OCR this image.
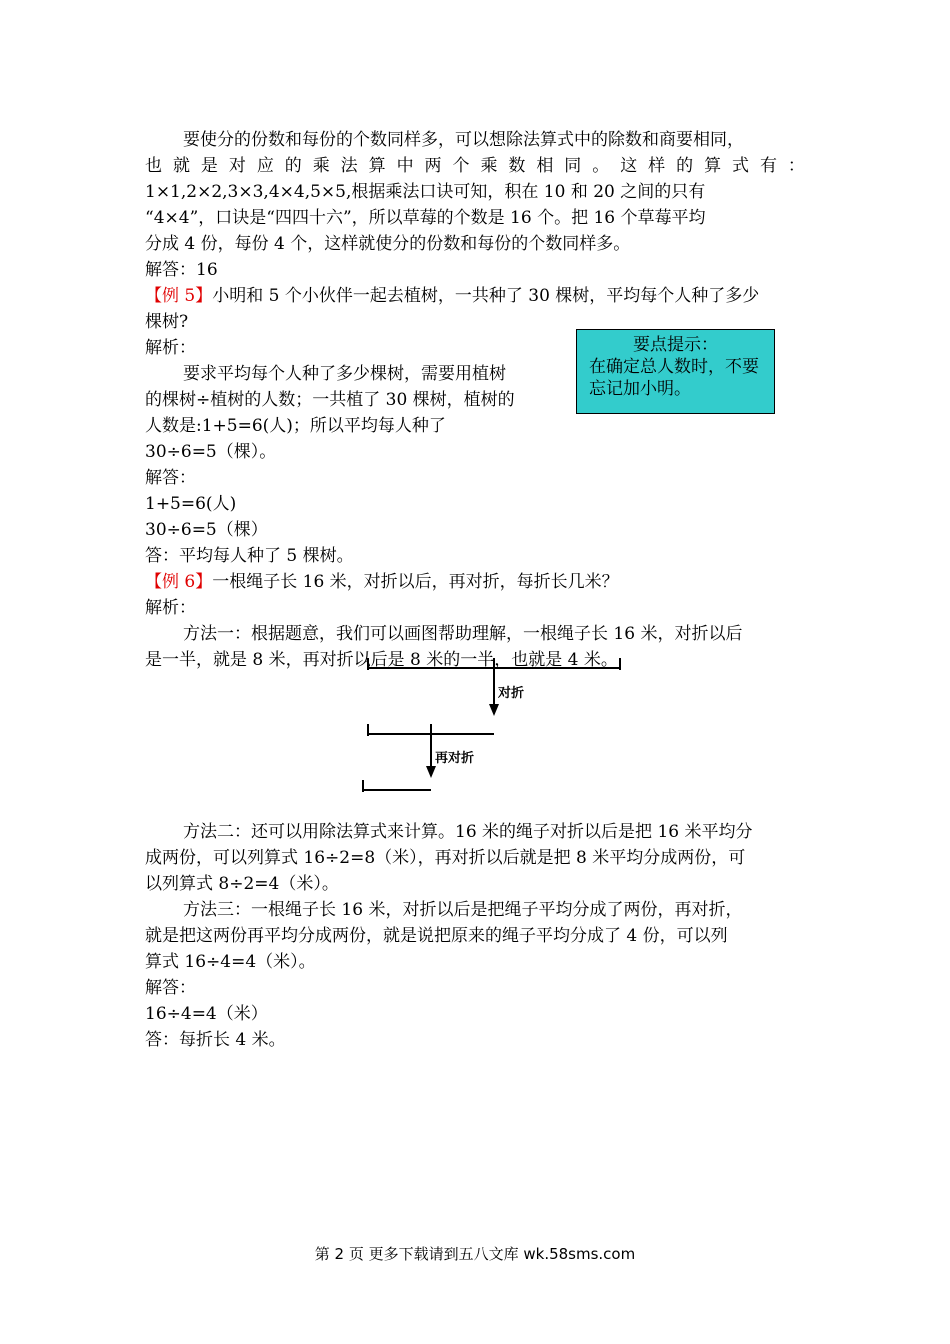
要使分的份数和每份的个数同样多，可以想除法算式中的除数和商要相同，
也 就 是 对 应 的 乘 法 算 中 两 个 乘 数 相 同 。 这 样 的 算 式 有 ：
1×1,2×2,3×3,4×4,5×5,根据乘法口诀可知，积在 10 和 20 之间的只有
“4×4”，口诀是“四四十六”，所以草莓的个数是 16 个。把 16 个草莓平均
分成 4 份，每份 4 个，这样就使分的份数和每份的个数同样多。
解答：16
【例 5】小明和 5 个小伙伴一起去植树，一共种了 30 棵树，平均每个人种了多少
棵树?
解析：
要求平均每个人种了多少棵树，需要用植树
的棵树÷植树的人数；一共植了 30 棵树，植树的
人数是:1+5=6(人)；所以平均每人种了
30÷6=5（棵）。
解答：
1+5=6(人)
30÷6=5（棵）
答：平均每人种了 5 棵树。
要点提示：
在确定总人数时，不要忘记加小明。
【例 6】一根绳子长 16 米，对折以后，再对折，每折长几米？
解析：
方法一：根据题意，我们可以画图帮助理解，一根绳子长 16 米，对折以后
是一半，就是 8 米，再对折以后是 8 米的一半，也就是 4 米。
对折
再对折
方法二：还可以用除法算式来计算。16 米的绳子对折以后是把 16 米平均分
成两份，可以列算式 16÷2=8（米），再对折以后就是把 8 米平均分成两份，可
以列算式 8÷2=4（米）。
方法三：一根绳子长 16 米，对折以后是把绳子平均分成了两份，再对折，
就是把这两份再平均分成两份，就是说把原来的绳子平均分成了 4 份，可以列
算式 16÷4=4（米）。
解答：
16÷4=4（米）
答：每折长 4 米。
第 2 页 更多下载请到五八文库 wk.58sms.com
